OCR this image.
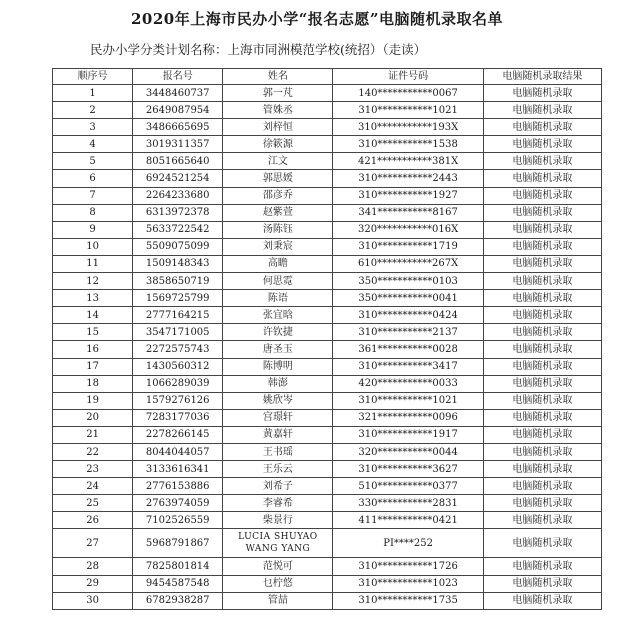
2020年上海市民办小学“报名志愿”电脑随机录取名单
民办小学分类计划名称：上海市同洲模范学校(统招）（走读）
顺序号	报名号	姓名	证件号码	电脑随机录取结果
1	3448460737	郭一芃	140***********0067	电脑随机录取
2	2649087954	管姝丞	310***********1021	电脑随机录取
3	3486665695	刘梓恒	310***********193X	电脑随机录取
4	3019311357	徐簌源	310***********1538	电脑随机录取
5	8051665640	江文	421***********381X	电脑随机录取
6	6924521254	郭思媛	310***********2443	电脑随机录取
7	2264233680	邵彦乔	310***********1927	电脑随机录取
8	6313972378	赵紫萱	341***********8167	电脑随机录取
9	5633722542	汤陈钰	320***********016X	电脑随机录取
10	5509075099	刘秉宸	310***********1719	电脑随机录取
11	1509148343	高瞻	610***********267X	电脑随机录取
12	3858650719	何思霓	350***********0103	电脑随机录取
13	1569725799	陈语	350***********0041	电脑随机录取
14	2777164215	张宜晗	310***********0424	电脑随机录取
15	3547171005	许钦捷	310***********2137	电脑随机录取
16	2272575743	唐圣玉	361***********0028	电脑随机录取
17	1430560312	陈博明	310***********3417	电脑随机录取
18	1066289039	韩澎	420***********0033	电脑随机录取
19	1579276126	姚欣岑	310***********1021	电脑随机录取
20	7283177036	宫璟轩	321***********0096	电脑随机录取
21	2278266145	黄嘉轩	310***********1917	电脑随机录取
22	8044044057	王书瑶	320***********0044	电脑随机录取
23	3133616341	王乐云	310***********3627	电脑随机录取
24	2776153886	刘希子	510***********0377	电脑随机录取
25	2763974059	李睿希	330***********2831	电脑随机录取
26	7102526559	柴景行	411***********0421	电脑随机录取
27	5968791867	LUCIA SHUYAO WANG YANG	PI****252	电脑随机录取
28	7825801814	范悦可	310***********1726	电脑随机录取
29	9454587548	乜柠悠	310***********1023	电脑随机录取
30	6782938287	管喆	310***********1735	电脑随机录取
